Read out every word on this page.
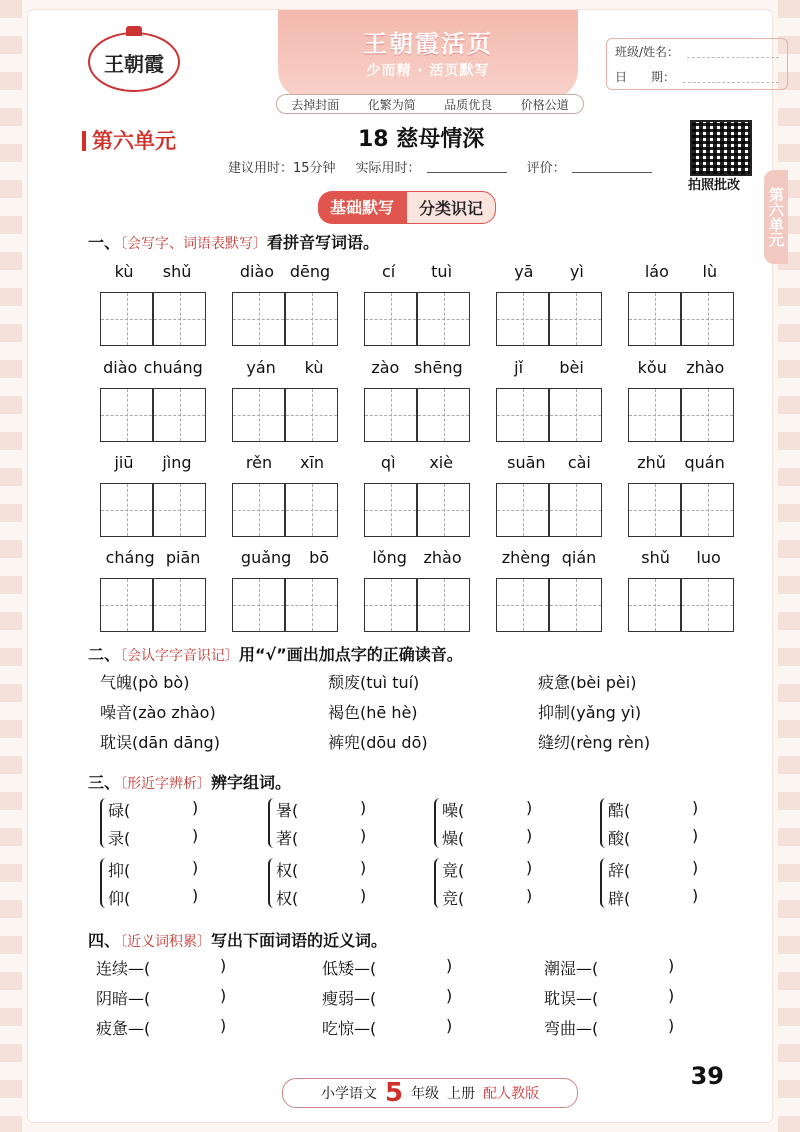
王朝霞
王朝霞活页
少而精 · 活页默写
班级/姓名：
日　　期：
去掉封面 化繁为简 品质优良 价格公道
第六单元	18 慈母情深
建议用时：15分钟 实际用时：	评价：
拍照批改
基础默写	分类识记
一、〔会写字、词语表默写〕看拼音写词语。
kù shǔ	diào dēng	cí tuì	yā yì	láo lù
diào chuáng	yán kù	zào shēng	jǐ bèi	kǒu zhào
jiū jìng	rěn xīn	qì xiè	suān cài	zhǔ quán
cháng piān	guǎng bō	lǒng zhào	zhèng qián	shǔ luo
二、〔会认字字音识记〕用“√”画出加点字的正确读音。
气魄(pò bò)	颓废(tuì tuí)	疲惫(bèi pèi)
噪音(zào zhào)	褐色(hē hè)	抑制(yǎng yì)
耽误(dān dāng)	裤兜(dōu dō)	缝纫(rèng rèn)
三、〔形近字辨析〕辨字组词。
碌(	)
录(	)
暑(	)
著(	)
噪(	)
燥(	)
酷(	)
酸(	)
抑(	)
仰(	)
权(	)
权(	)
竟(	)
竞(	)
辞(	)
辟(	)
四、〔近义词积累〕写出下面词语的近义词。
连续—(	)	低矮—(	)	潮湿—(	)
阴暗—(	)	瘦弱—(	)	耽误—(	)
疲惫—(	)	吃惊—(	)	弯曲—(	)
39
小学语文 5 年级 上册 配人教版
第六单元
